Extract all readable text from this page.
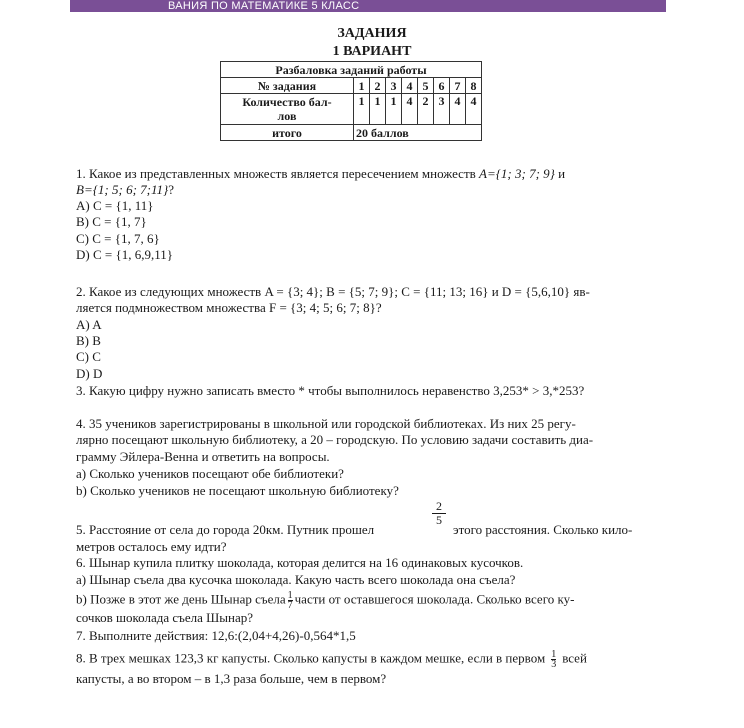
ВАНИЯ ПО МАТЕМАТИКЕ 5 КЛАСС
ЗАДАНИЯ
1 ВАРИАНТ
Разбаловка заданий работы								
№ задания	1	2	3	4	5	6	7	8
Количество бал-
лов	1	1	1	4	2	3	4	4
итого	20 баллов							
1. Какое из представленных множеств является пересечением множеств A={1; 3; 7; 9} и
B={1; 5; 6; 7;11}?
A) C = {1, 11}
B) C = {1, 7}
C) C = {1, 7, 6}
D) C = {1, 6,9,11}
2. Какое из следующих множеств A = {3; 4}; B = {5; 7; 9}; C = {11; 13; 16} и D = {5,6,10} яв-
ляется подмножеством множества F = {3; 4; 5; 6; 7; 8}?
A) A
B) B
C) C
D) D
3. Какую цифру нужно записать вместо * чтобы выполнилось неравенство 3,253* > 3,*253?
4. 35 учеников зарегистрированы в школьной или городской библиотеках. Из них 25 регу-
лярно посещают школьную библиотеку, а 20 – городскую. По условию задачи составить диа-
грамму Эйлера-Венна и ответить на вопросы.
а) Сколько учеников посещают обе библиотеки?
b) Сколько учеников не посещают школьную библиотеку?
5. Расстояние от села до города 20км. Путник прошел
$\frac{2}{5}$
этого расстояния. Сколько кило-
метров осталось ему идти?
6. Шынар купила плитку шоколада, которая делится на 16 одинаковых кусочков.
а) Шынар съела два кусочка шоколада. Какую часть всего шоколада она съела?
b) Позже в этот же день Шынар съела $\frac{1}{7}$ части от оставшегося шоколада. Сколько всего ку-
сочков шоколада съела Шынар?
7. Выполните действия: 12,6:(2,04+4,26)-0,564*1,5
8. В трех мешках 123,3 кг капусты. Сколько капусты в каждом мешке, если в первом $\frac{1}{3}$ всей
капусты, а во втором – в 1,3 раза больше, чем в первом?
